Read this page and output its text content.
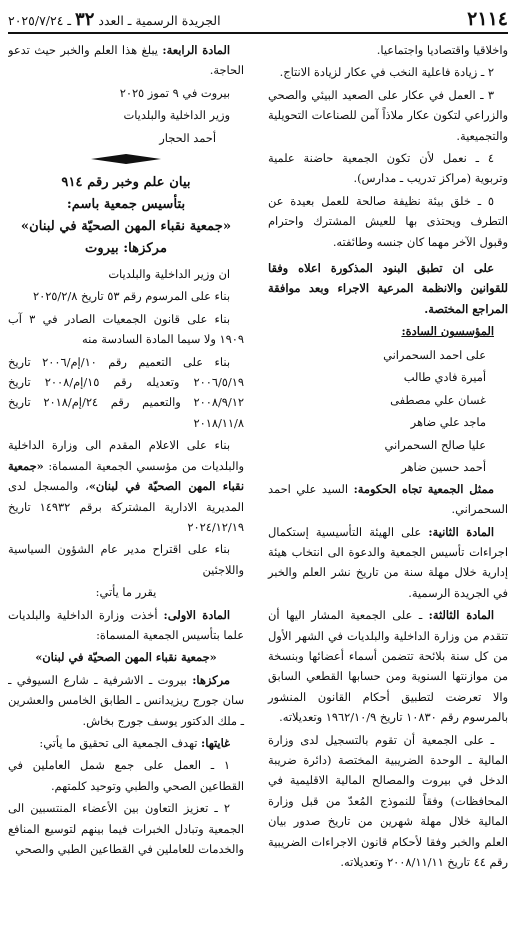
٢١١٤
الجريدة الرسمية ـ العدد ٣٢ ـ ٢٠٢٥/٧/٢٤

واخلاقيا واقتصاديا واجتماعيا.

٢ ـ زيادة فاعلية النخب في عكار لزيادة الانتاج.

٣ ـ العمل في عكار على الصعيد البيئي والصحي والزراعي لتكون عكار ملاذاً آمن للصناعات التحويلية والتجميعية.

٤ ـ نعمل لأن تكون الجمعية حاضنة علمية وتربوية (مراكز تدريب ـ مدارس).

٥ ـ خلق بيئة نظيفة صالحة للعمل بعيدة عن التطرف ويحتذى بها للعيش المشترك واحترام وقبول الآخر مهما كان جنسه وطائفته.

على ان تطبق البنود المذكورة اعلاه وفقا للقوانين والانظمة المرعية الاجراء وبعد موافقة المراجع المختصة.

المؤسسون السادة:

على احمد السحمراني
أميرة فادي طالب
غسان علي مصطفى
ماجد علي ضاهر
عليا صالح السحمراني
أحمد حسين ضاهر

ممثل الجمعية تجاه الحكومة: السيد علي احمد السحمراني.

المادة الثانية: على الهيئة التأسيسية إستكمال اجراءات تأسيس الجمعية والدعوة الى انتخاب هيئة إدارية خلال مهلة سنة من تاريخ نشر العلم والخبر في الجريدة الرسمية.

المادة الثالثة: ـ على الجمعية المشار اليها أن تتقدم من وزارة الداخلية والبلديات في الشهر الأول من كل سنة بلائحة تتضمن أسماء أعضائها وبنسخة من موازنتها السنوية ومن حسابها القطعي السابق والا تعرضت لتطبيق أحكام القانون المنشور بالمرسوم رقم ١٠٨٣٠ تاريخ ١٩٦٢/١٠/٩ وتعديلاته.

ـ على الجمعية أن تقوم بالتسجيل لدى وزارة المالية ـ الوحدة الضريبية المختصة (دائرة ضريبة الدخل في بيروت والمصالح المالية الاقليمية في المحافظات) وفقاً للنموذج المُعدّ من قبل وزارة المالية خلال مهلة شهرين من تاريخ صدور بيان العلم والخبر وفقا لأحكام قانون الاجراءات الضريبية رقم ٤٤ تاريخ ٢٠٠٨/١١/١١ وتعديلاته.

المادة الرابعة: يبلغ هذا العلم والخبر حيث تدعو الحاجة.

بيروت في ٩ تموز ٢٠٢٥

وزير الداخلية والبلديات

أحمد الحجار

بيان علم وخبر رقم ٩١٤

بتأسيس جمعية باسم:

«جمعية نقباء المهن الصحيّة في لبنان»

مركزها: بيروت

ان وزير الداخلية والبلديات

بناء على المرسوم رقم ٥٣ تاريخ ٢٠٢٥/٢/٨

بناء على قانون الجمعيات الصادر في ٣ آب ١٩٠٩ ولا سيما المادة السادسة منه

بناء على التعميم رقم ١٠/إم/٢٠٠٦ تاريخ ٢٠٠٦/٥/١٩ وتعديله رقم ١٥/إم/٢٠٠٨ تاريخ ٢٠٠٨/٩/١٢ والتعميم رقم ٢٤/إم/٢٠١٨ تاريخ ٢٠١٨/١١/٨

بناء على الاعلام المقدم الى وزارة الداخلية والبلديات من مؤسسي الجمعية المسماة: «جمعية نقباء المهن الصحيّة في لبنان»، والمسجل لدى المديرية الادارية المشتركة برقم ١٤٩٣٢ تاريخ ٢٠٢٤/١٢/١٩

بناء على اقتراح مدير عام الشؤون السياسية واللاجئين

يقرر ما يأتي:

المادة الاولى: أخذت وزارة الداخلية والبلديات علما بتأسيس الجمعية المسماة:

«جمعية نقباء المهن الصحيّة في لبنان»

مركزها: بيروت ـ الاشرفية ـ شارع السيوفي ـ سان جورج ريزيدانس ـ الطابق الخامس والعشرين ـ ملك الدكتور يوسف جورج بخاش.

غايتها: تهدف الجمعية الى تحقيق ما يأتي:

١ ـ العمل على جمع شمل العاملين في القطاعين الصحي والطبي وتوحيد كلمتهم.

٢ ـ تعزيز التعاون بين الأعضاء المنتسبين الى الجمعية وتبادل الخبرات فيما بينهم لتوسيع المنافع والخدمات للعاملين في القطاعين الطبي والصحي
